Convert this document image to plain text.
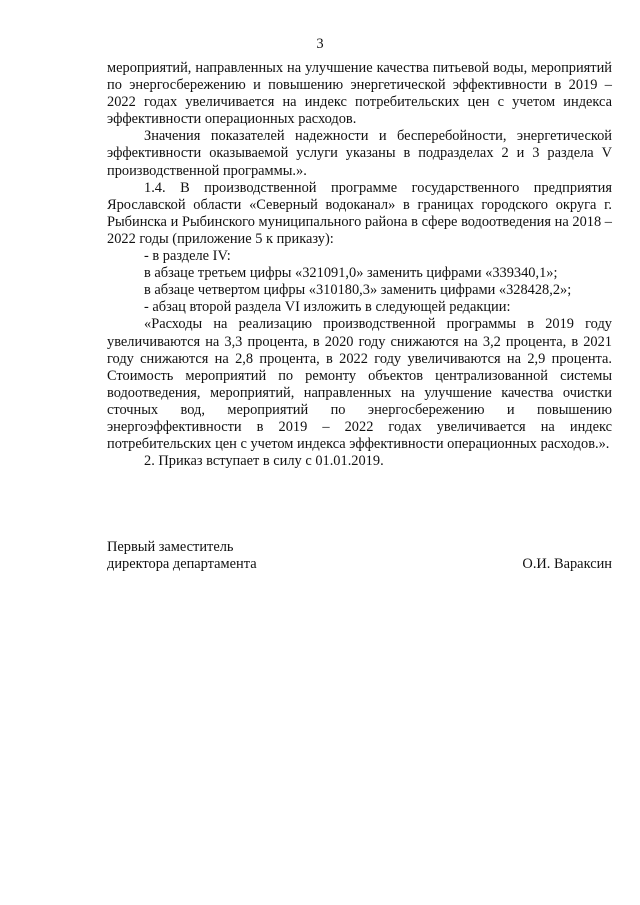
3

мероприятий, направленных на улучшение качества питьевой воды, мероприятий по энергосбережению и повышению энергетической эффективности в 2019 – 2022 годах увеличивается на индекс потребительских цен с учетом индекса эффективности операционных расходов.

Значения показателей надежности и бесперебойности, энергетической эффективности оказываемой услуги указаны в подразделах 2 и 3 раздела V производственной программы.».

1.4. В производственной программе государственного предприятия Ярославской области «Северный водоканал» в границах городского округа г. Рыбинска и Рыбинского муниципального района в сфере водоотведения на 2018 – 2022 годы (приложение 5 к приказу):

- в разделе IV:

в абзаце третьем цифры «321091,0» заменить цифрами «339340,1»;

в абзаце четвертом цифры «310180,3» заменить цифрами «328428,2»;

- абзац второй раздела VI изложить в следующей редакции:

«Расходы на реализацию производственной программы в 2019 году увеличиваются на 3,3 процента, в 2020 году снижаются на 3,2 процента, в 2021 году снижаются на 2,8 процента, в 2022 году увеличиваются на 2,9 процента. Стоимость мероприятий по ремонту объектов централизованной системы водоотведения, мероприятий, направленных на улучшение качества очистки сточных вод, мероприятий по энергосбережению и повышению энергоэффективности в 2019 – 2022 годах увеличивается на индекс потребительских цен с учетом индекса эффективности операционных расходов.».

2. Приказ вступает в силу с 01.01.2019.

Первый заместитель
директора департамента	О.И. Вараксин
